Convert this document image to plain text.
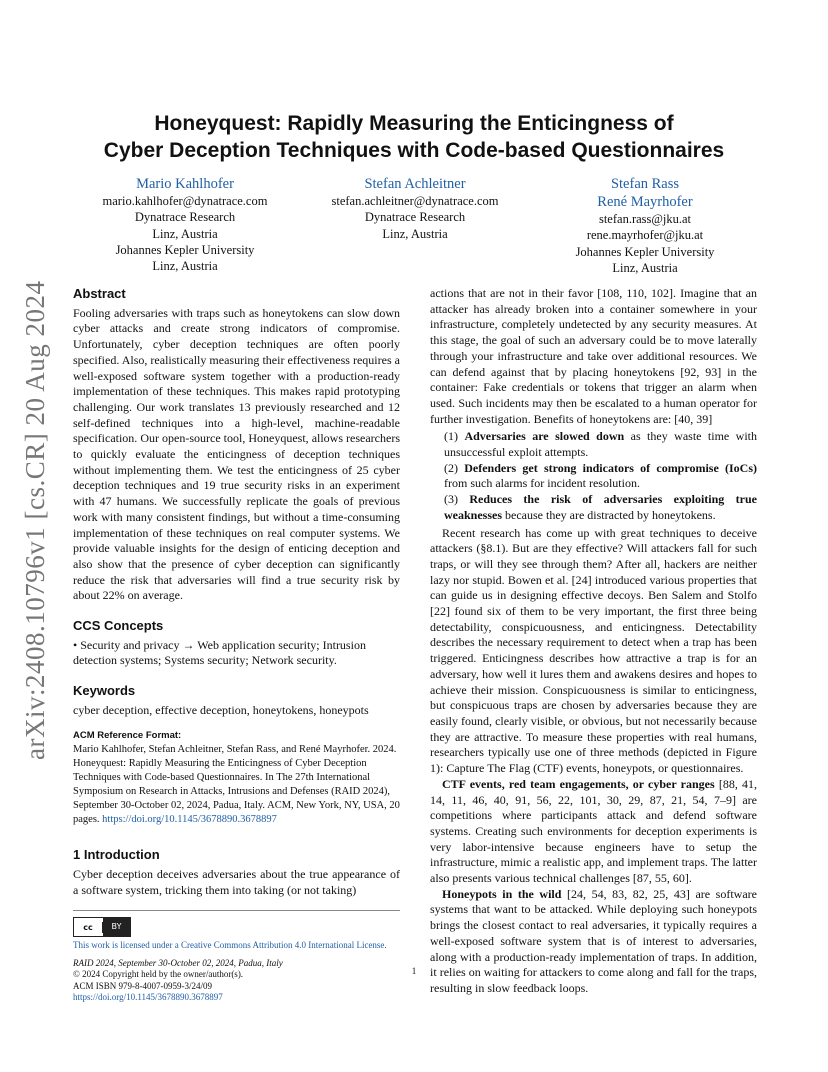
arXiv:2408.10796v1 [cs.CR] 20 Aug 2024
Honeyquest: Rapidly Measuring the Enticingness of
Cyber Deception Techniques with Code-based Questionnaires
Mario Kahlhofer
mario.kahlhofer@dynatrace.com
Dynatrace Research
Linz, Austria
Johannes Kepler University
Linz, Austria
Stefan Achleitner
stefan.achleitner@dynatrace.com
Dynatrace Research
Linz, Austria
Stefan Rass
René Mayrhofer
stefan.rass@jku.at
rene.mayrhofer@jku.at
Johannes Kepler University
Linz, Austria
Abstract

Fooling adversaries with traps such as honeytokens can slow down cyber attacks and create strong indicators of compromise. Unfortunately, cyber deception techniques are often poorly specified. Also, realistically measuring their effectiveness requires a well-exposed software system together with a production-ready implementation of these techniques. This makes rapid prototyping challenging. Our work translates 13 previously researched and 12 self-defined techniques into a high-level, machine-readable specification. Our open-source tool, Honeyquest, allows researchers to quickly evaluate the enticingness of deception techniques without implementing them. We test the enticingness of 25 cyber deception techniques and 19 true security risks in an experiment with 47 humans. We successfully replicate the goals of previous work with many consistent findings, but without a time-consuming implementation of these techniques on real computer systems. We provide valuable insights for the design of enticing deception and also show that the presence of cyber deception can significantly reduce the risk that adversaries will find a true security risk by about 22% on average.

CCS Concepts

• Security and privacy → Web application security; Intrusion detection systems; Systems security; Network security.

Keywords

cyber deception, effective deception, honeytokens, honeypots

ACM Reference Format:
Mario Kahlhofer, Stefan Achleitner, Stefan Rass, and René Mayrhofer. 2024. Honeyquest: Rapidly Measuring the Enticingness of Cyber Deception Techniques with Code-based Questionnaires. In The 27th International Symposium on Research in Attacks, Intrusions and Defenses (RAID 2024), September 30-October 02, 2024, Padua, Italy. ACM, New York, NY, USA, 20 pages. https://doi.org/10.1145/3678890.3678897
1 Introduction

Cyber deception deceives adversaries about the true appearance of a software system, tricking them into taking (or not taking)

cc	BY
This work is licensed under a Creative Commons Attribution 4.0 International License.
RAID 2024, September 30-October 02, 2024, Padua, Italy
© 2024 Copyright held by the owner/author(s).
ACM ISBN 979-8-4007-0959-3/24/09
https://doi.org/10.1145/3678890.3678897

actions that are not in their favor [108, 110, 102]. Imagine that an attacker has already broken into a container somewhere in your infrastructure, completely undetected by any security measures. At this stage, the goal of such an adversary could be to move laterally through your infrastructure and take over additional resources. We can defend against that by placing honeytokens [92, 93] in the container: Fake credentials or tokens that trigger an alarm when used. Such incidents may then be escalated to a human operator for further investigation. Benefits of honeytokens are: [40, 39]

(1) Adversaries are slowed down as they waste time with unsuccessful exploit attempts.
(2) Defenders get strong indicators of compromise (IoCs) from such alarms for incident resolution.
(3) Reduces the risk of adversaries exploiting true weaknesses because they are distracted by honeytokens.

Recent research has come up with great techniques to deceive attackers (§8.1). But are they effective? Will attackers fall for such traps, or will they see through them? After all, hackers are neither lazy nor stupid. Bowen et al. [24] introduced various properties that can guide us in designing effective decoys. Ben Salem and Stolfo [22] found six of them to be very important, the first three being detectability, conspicuousness, and enticingness. Detectability describes the necessary requirement to detect when a trap has been triggered. Enticingness describes how attractive a trap is for an adversary, how well it lures them and awakens desires and hopes to achieve their mission. Conspicuousness is similar to enticingness, but conspicuous traps are chosen by adversaries because they are easily found, clearly visible, or obvious, but not necessarily because they are attractive. To measure these properties with real humans, researchers typically use one of three methods (depicted in Figure 1): Capture The Flag (CTF) events, honeypots, or questionnaires.

CTF events, red team engagements, or cyber ranges [88, 41, 14, 11, 46, 40, 91, 56, 22, 101, 30, 29, 87, 21, 54, 7–9] are competitions where participants attack and defend software systems. Creating such environments for deception experiments is very labor-intensive because engineers have to setup the infrastructure, mimic a realistic app, and implement traps. The latter also presents various technical challenges [87, 55, 60].

Honeypots in the wild [24, 54, 83, 82, 25, 43] are software systems that want to be attacked. While deploying such honeypots brings the closest contact to real adversaries, it typically requires a well-exposed software system that is of interest to adversaries, along with a production-ready implementation of traps. In addition, it relies on waiting for attackers to come along and fall for the traps, resulting in slow feedback loops.

1
